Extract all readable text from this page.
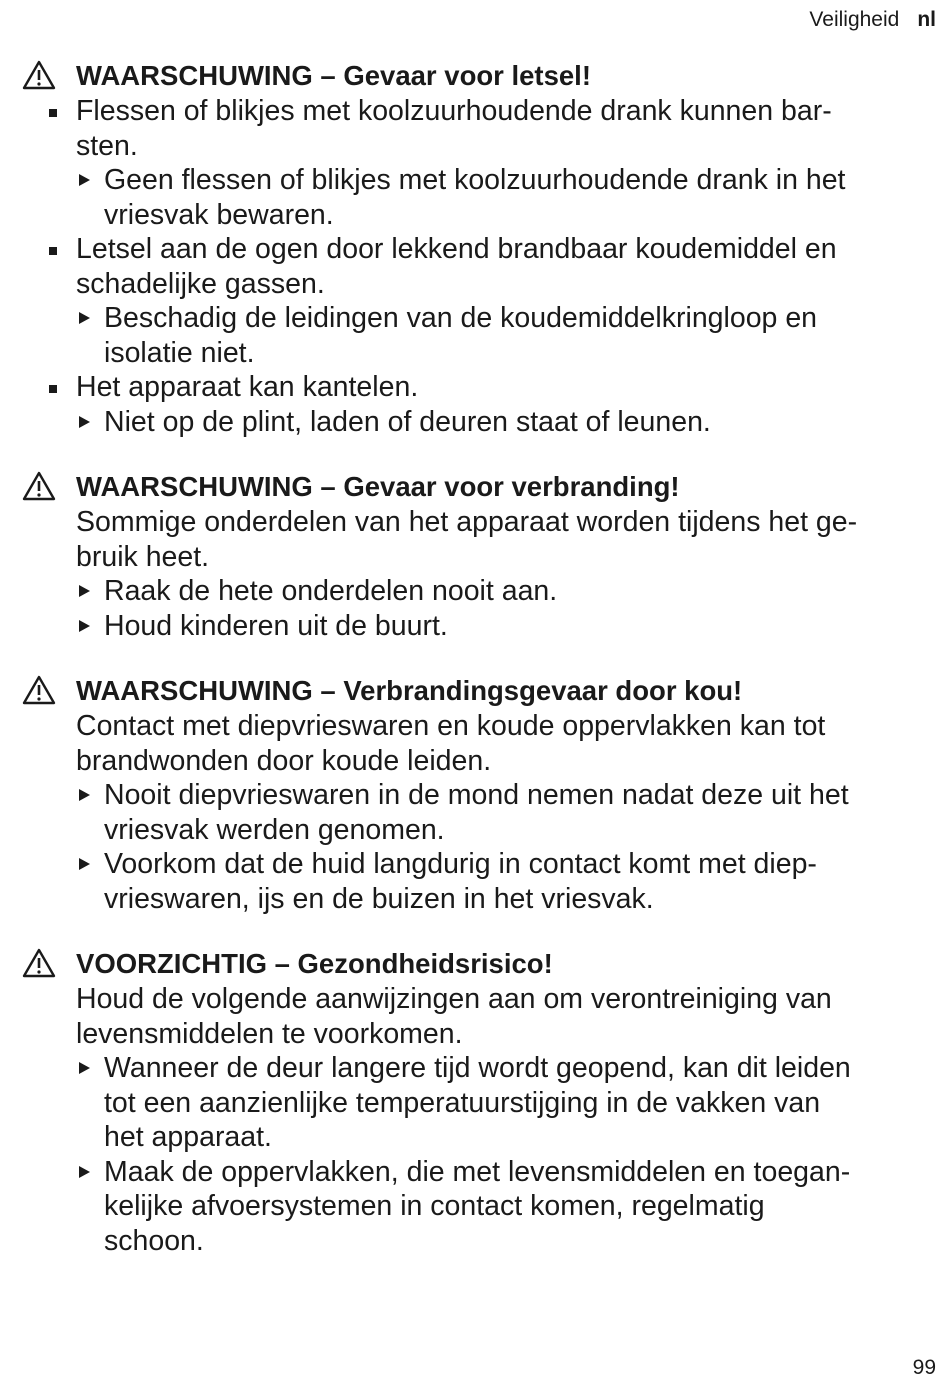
Veiligheid nl
WAARSCHUWING – Gevaar voor letsel!
Flessen of blikjes met koolzuurhoudende drank kunnen bar-
sten.
Geen flessen of blikjes met koolzuurhoudende drank in het
vriesvak bewaren.
Letsel aan de ogen door lekkend brandbaar koudemiddel en
schadelijke gassen.
Beschadig de leidingen van de koudemiddelkringloop en
isolatie niet.
Het apparaat kan kantelen.
Niet op de plint, laden of deuren staat of leunen.
WAARSCHUWING – Gevaar voor verbranding!
Sommige onderdelen van het apparaat worden tijdens het ge-
bruik heet.
Raak de hete onderdelen nooit aan.
Houd kinderen uit de buurt.
WAARSCHUWING – Verbrandingsgevaar door kou!
Contact met diepvrieswaren en koude oppervlakken kan tot
brandwonden door koude leiden.
Nooit diepvrieswaren in de mond nemen nadat deze uit het
vriesvak werden genomen.
Voorkom dat de huid langdurig in contact komt met diep-
vrieswaren, ijs en de buizen in het vriesvak.
VOORZICHTIG – Gezondheidsrisico!
Houd de volgende aanwijzingen aan om verontreiniging van
levensmiddelen te voorkomen.
Wanneer de deur langere tijd wordt geopend, kan dit leiden
tot een aanzienlijke temperatuurstijging in de vakken van
het apparaat.
Maak de oppervlakken, die met levensmiddelen en toegan-
kelijke afvoersystemen in contact komen, regelmatig
schoon.
99
